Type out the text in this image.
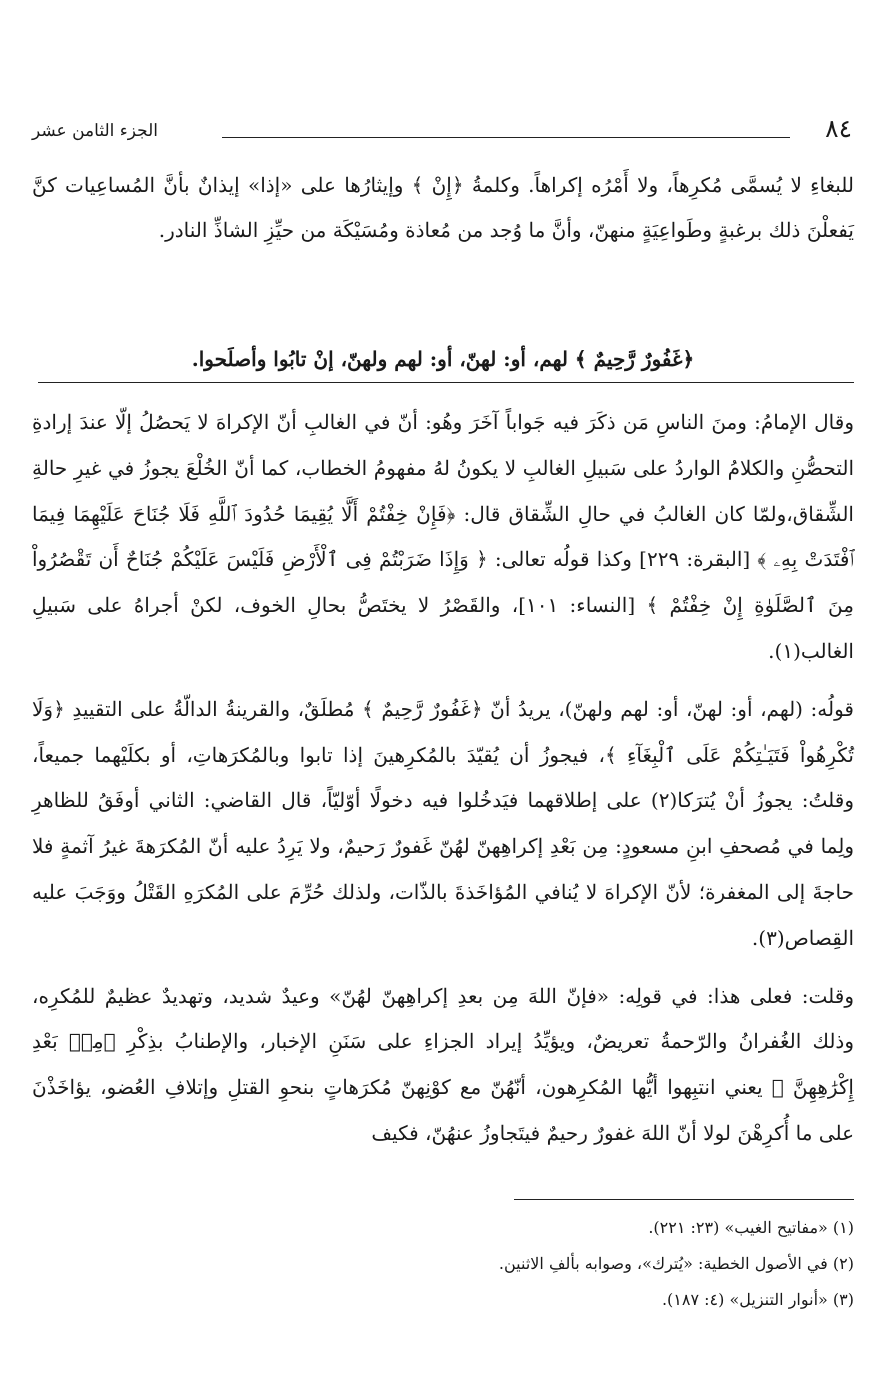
٨٤
الجزء الثامن عشر

للبغاءِ لا يُسمَّى مُكرِهاً، ولا أَمْرُه إكراهاً. وكلمةُ ﴿إِنْ ﴾ وإيثارُها على «إذا» إيذانٌ بأنَّ المُساعِيات كنَّ يَفعلْنَ ذلك برغبةٍ وطَواعِيَةٍ منهنّ، وأنَّ ما وُجد من مُعاذة ومُسَيْكَة من حيِّزِ الشاذِّ النادر.

﴿غَفُورٌ رَّحِيمٌ ﴾ لهم، أو: لهنّ، أو: لهم ولهنّ، إنْ تابُوا وأصلَحوا.

وقال الإمامُ: ومنَ الناسِ مَن ذكَرَ فيه جَواباً آخَرَ وهُو: أنّ في الغالبِ أنّ الإكراهَ لا يَحصُلُ إلّا عندَ إرادةِ التحصُّنِ والكلامُ الواردُ على سَبيلِ الغالبِ لا يكونُ لهُ مفهومُ الخطاب، كما أنّ الخُلْعَ يجوزُ في غيرِ حالةِ الشِّقاق،ولمّا كان الغالبُ في حالِ الشِّقاق قال: ﴿فَإِنْ خِفْتُمْ أَلَّا يُقِيمَا حُدُودَ ٱللَّهِ فَلَا جُنَاحَ عَلَيْهِمَا فِيمَا ٱفْتَدَتْ بِهِۦ ﴾ [البقرة: ٢٢٩] وكذا قولُه تعالى: ﴿ وَإِذَا ضَرَبْتُمْ فِى ٱلْأَرْضِ فَلَيْسَ عَلَيْكُمْ جُنَاحٌ أَن تَقْصُرُواْ مِنَ ٱلصَّلَوٰةِ إِنْ خِفْتُمْ ﴾ [النساء: ١٠١]، والقَصْرُ لا يختَصُّ بحالِ الخوف، لكنْ أجراهُ على سَبيلِ الغالب(١).

قولُه: (لهم، أو: لهنّ، أو: لهم ولهنّ)، يريدُ أنّ ﴿غَفُورٌ رَّحِيمٌ ﴾ مُطلَقٌ، والقرينةُ الدالّةُ على التقييدِ ﴿وَلَا تُكْرِهُواْ فَتَيَـٰتِكُمْ عَلَى ٱلْبِغَآءِ ﴾، فيجوزُ أن يُقيّدَ بالمُكرِهينَ إذا تابوا وبالمُكرَهاتِ، أو بكلَيْهما جميعاً، وقلتُ: يجوزُ أنْ يُترَكا(٢) على إطلاقهما فيَدخُلوا فيه دخولًا أوّليّاً، قال القاضي: الثاني أوفَقُ للظاهرِ ولِما في مُصحفِ ابنِ مسعودٍ: مِن بَعْدِ إكراهِهنّ لهُنّ غَفورٌ رَحيمٌ، ولا يَرِدُ عليه أنّ المُكرَهةَ غيرُ آثمةٍ فلا حاجةَ إلى المغفرة؛ لأنّ الإكراهَ لا يُنافي المُؤاخَذةَ بالذّات، ولذلك حُرِّمَ على المُكرَهِ القَتْلُ ووَجَبَ عليه القِصاص(٣).

وقلت: فعلى هذا: في قولِه: «فإنّ اللهَ مِن بعدِ إكراهِهنّ لهُنّ» وعيدٌ شديد، وتهديدٌ عظيمٌ للمُكرِه، وذلك الغُفرانُ والرّحمةُ تعريضٌ، ويؤيِّدُ إيراد الجزاءِ على سَنَنِ الإخبار، والإطنابُ بذِكْرِ ﴿مِنۢ بَعْدِ إِكْرَٰهِهِنَّ ﴾ يعني انتبِهوا أيُّها المُكرِهون، أنّهُنّ مع كوْنِهنّ مُكرَهاتٍ بنحوِ القتلِ وإتلافِ العُضو، يؤاخَذْنَ على ما أُكرِهْنَ لولا أنّ اللهَ غفورٌ رحيمٌ فيتَجاوزُ عنهُنّ، فكيف

(١) «مفاتيح الغيب» (٢٣: ٢٢١).

(٢) في الأصول الخطية: «يُترك»، وصوابه بألفِ الاثنين.

(٣) «أنوار التنزيل» (٤: ١٨٧).
